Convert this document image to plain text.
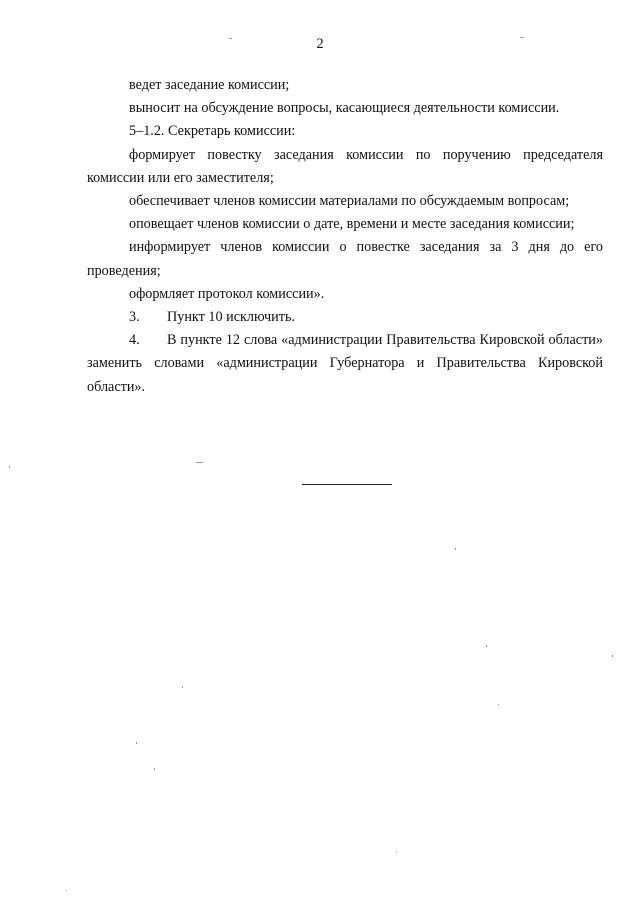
2

ведет заседание комиссии;

выносит на обсуждение вопросы, касающиеся деятельности комиссии.

5–1.2. Секретарь комиссии:

формирует повестку заседания комиссии по поручению председателя комиссии или его заместителя;

обеспечивает членов комиссии материалами по обсуждаемым вопросам;

оповещает членов комиссии о дате, времени и месте заседания комиссии;

информирует членов комиссии о повестке заседания за 3 дня до его проведения;

оформляет протокол комиссии».

3. Пункт 10 исключить.

4. В пункте 12 слова «администрации Правительства Кировской области» заменить словами «администрации Губернатора и Правительства Кировской области».
